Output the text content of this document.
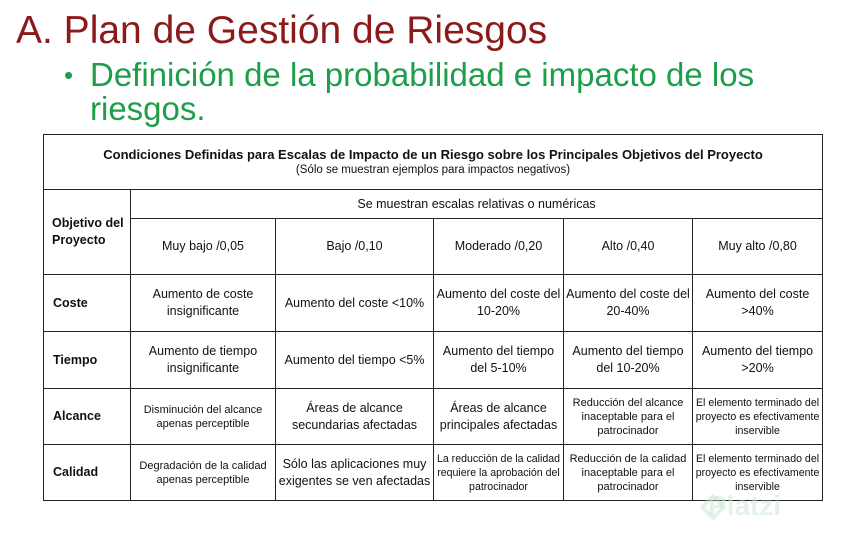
A. Plan de Gestión de Riesgos
• Definición de la probabilidad e impacto de los riesgos.

Condiciones Definidas para Escalas de Impacto de un Riesgo sobre los Principales Objetivos del Proyecto
(Sólo se muestran ejemplos para impactos negativos)					

Objetivo del Proyecto	Se muestran escalas relativas o numéricas				
	Muy bajo /0,05	Bajo /0,10	Moderado /0,20	Alto /0,40	Muy alto /0,80
Coste	Aumento de coste insignificante	Aumento del coste <10%	Aumento del coste del 10-20%	Aumento del coste del 20-40%	Aumento del coste >40%
Tiempo	Aumento de tiempo insignificante	Aumento del tiempo <5%	Aumento del tiempo del 5-10%	Aumento del tiempo del 10-20%	Aumento del tiempo >20%
Alcance	Disminución del alcance apenas perceptible	Áreas de alcance secundarias afectadas	Áreas de alcance principales afectadas	Reducción del alcance inaceptable para el patrocinador	El elemento terminado del proyecto es efectivamente inservible
Calidad	Degradación de la calidad apenas perceptible	Sólo las aplicaciones muy exigentes se ven afectadas	La reducción de la calidad requiere la aprobación del patrocinador	Reducción de la calidad inaceptable para el patrocinador	El elemento terminado del proyecto es efectivamente inservible
Platzi
